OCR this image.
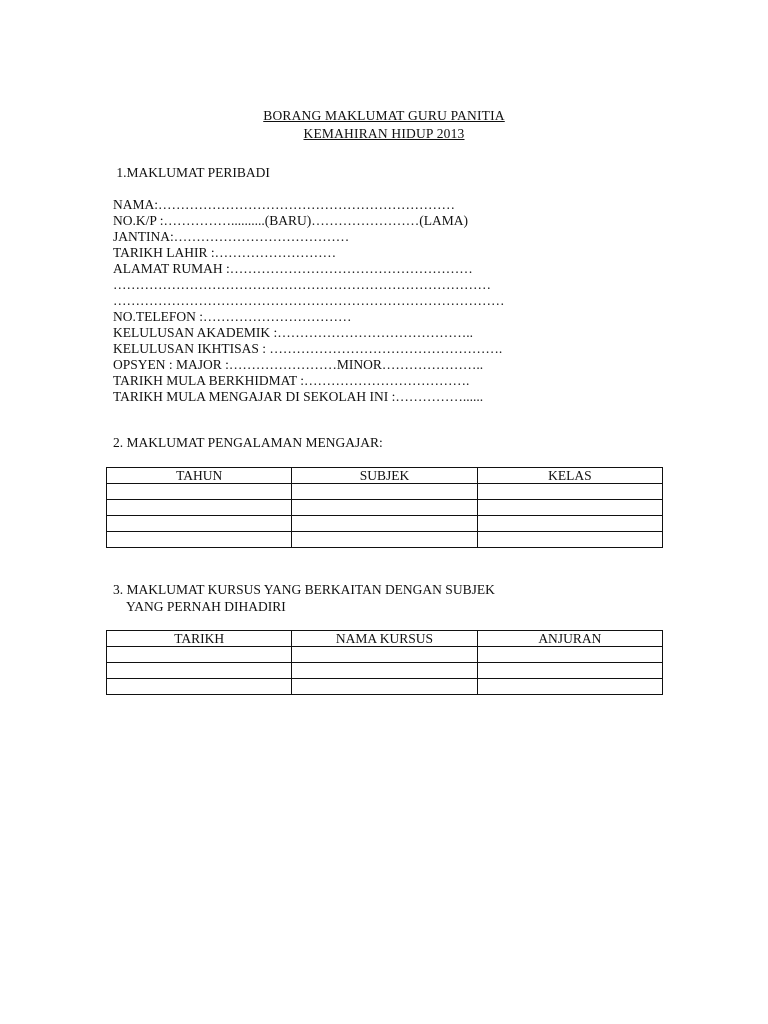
BORANG MAKLUMAT GURU PANITIA
KEMAHIRAN HIDUP 2013
1.MAKLUMAT PERIBADI
NAMA:…………………………………………………………
NO.K/P :……………..........(BARU)……………………(LAMA)
JANTINA:…………………………………
TARIKH LAHIR :………………………
ALAMAT RUMAH :………………………………………………
…………………………………………………………………………
……………………………………………………………………………
NO.TELEFON :……………………………
KELULUSAN AKADEMIK :……………………………………..
KELULUSAN IKHTISAS : …………………………………………….
OPSYEN : MAJOR :……………………MINOR…………………..
TARIKH MULA BERKHIDMAT :……………………………….
TARIKH MULA MENGAJAR DI SEKOLAH INI :……………......
2. MAKLUMAT PENGALAMAN MENGAJAR:
TAHUN	SUBJEK	KELAS

3. MAKLUMAT KURSUS YANG BERKAITAN DENGAN SUBJEK
YANG PERNAH DIHADIRI
TARIKH	NAMA KURSUS	ANJURAN
